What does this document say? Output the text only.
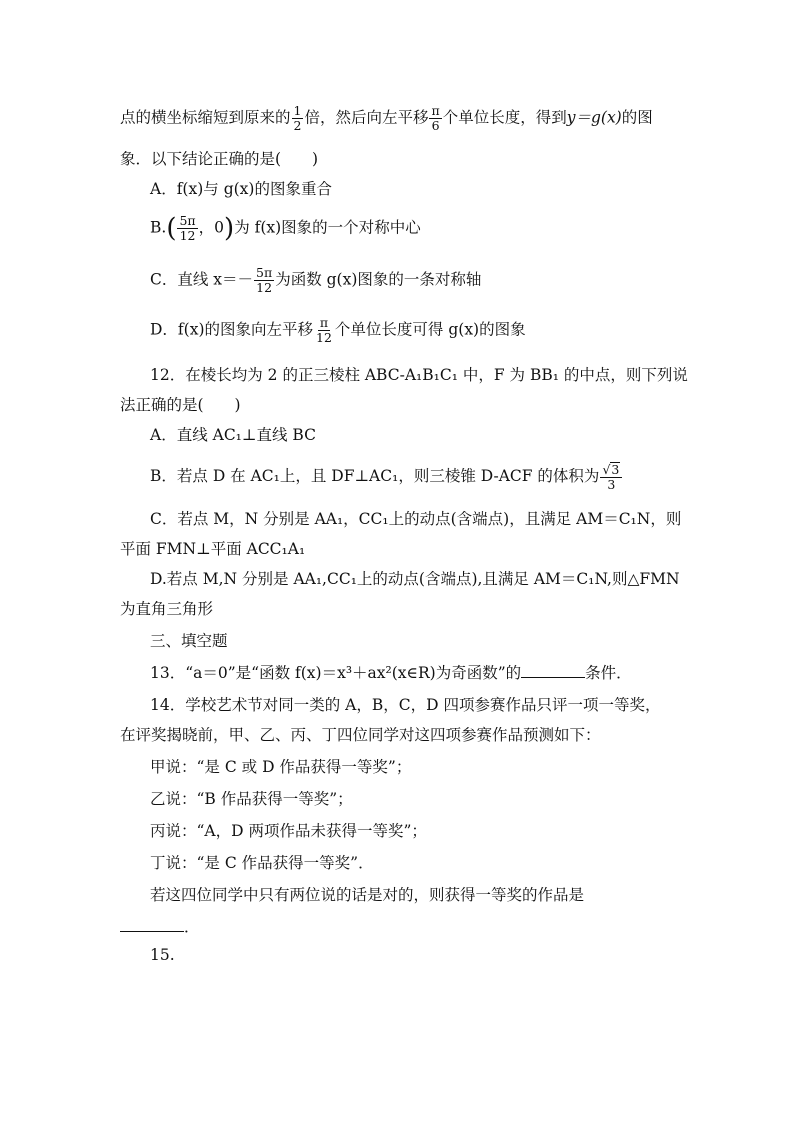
点的横坐标缩短到原来的 $\frac{1}{2}$ 倍，然后向左平移 $\frac{\pi}{6}$ 个单位长度，得到y＝g(x)的图
象．以下结论正确的是(　　)
A．f(x)与 g(x)的图象重合
$B.( \frac{5\pi}{12}$ ，0)为 f(x)图象的一个对称中心
C．直线 $x=- \frac{5\pi}{12}$ 为函数 g(x)图象的一条对称轴
D．f(x)的图象向左平移 $\frac{\pi}{12}$ 个单位长度可得 g(x)的图象
12．在棱长均为 2 的正三棱柱 ABC-A₁B₁C₁ 中，F 为 BB₁ 的中点，则下列说
法正确的是(　　)
A．直线 AC₁⊥直线 BC
B．若点 D 在 AC₁上，且 DF⊥AC₁，则三棱锥 D-ACF 的体积为 $\frac{√3}{3}$
C．若点 M，N 分别是 AA₁，CC₁上的动点(含端点)，且满足 AM＝C₁N，则
平面 FMN⊥平面 ACC₁A₁
D.若点 M,N 分别是 AA₁,CC₁上的动点(含端点),且满足 AM＝C₁N,则△FMN
为直角三角形
三、填空题
13．“a＝0”是“函数 f(x)＝x³＋ax²(x∈R)为奇函数”的	条件．
14．学校艺术节对同一类的 A，B，C，D 四项参赛作品只评一项一等奖，
在评奖揭晓前，甲、乙、丙、丁四位同学对这四项参赛作品预测如下：
甲说：“是 C 或 D 作品获得一等奖”；
乙说：“B 作品获得一等奖”；
丙说：“A，D 两项作品未获得一等奖”；
丁说：“是 C 作品获得一等奖”．
若这四位同学中只有两位说的话是对的，则获得一等奖的作品是
．
15.
